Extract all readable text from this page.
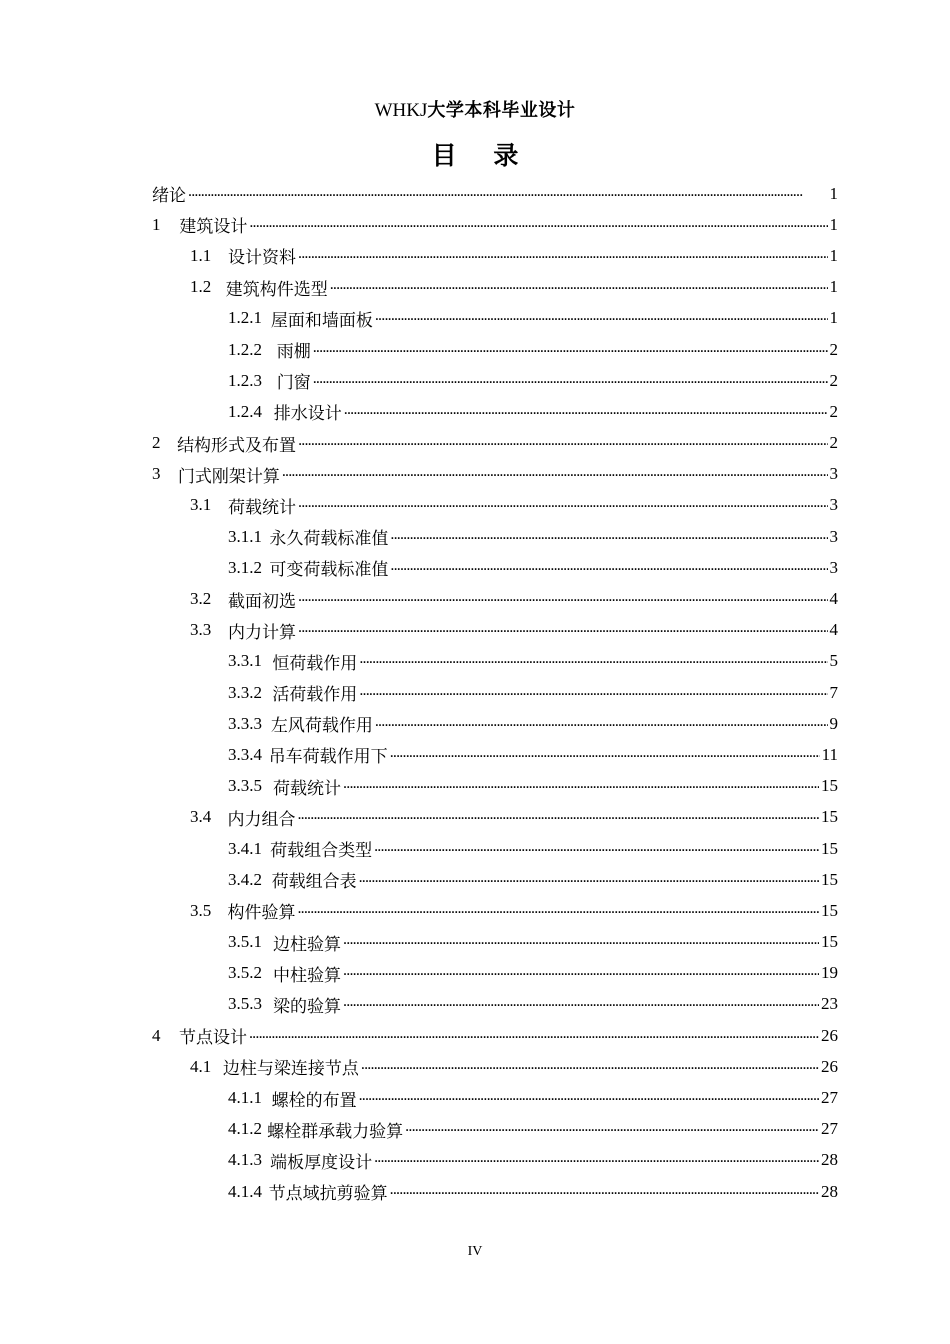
WHKJ大学本科毕业设计
目 录
绪论 . . .	1
1	建筑设计 . . .	1
1.1 设计资料 . . .	1
1.2 建筑构件选型 . . .	1
1.2.1 屋面和墙面板 . . .	1
1.2.2 雨棚 . . .	2
1.2.3 门窗 . . .	2
1.2.4 排水设计 . . .	2
2 结构形式及布置 . . .	2
3	门式刚架计算 . . .	3
3.1 荷载统计 . . .	3
3.1.1 永久荷载标准值 . . .	3
3.1.2 可变荷载标准值 . . .	3
3.2 截面初选 . . .	4
3.3 内力计算 . . .	4
3.3.1 恒荷载作用 . . .	5
3.3.2 活荷载作用 . . .	7
3.3.3 左风荷载作用 . . .	9
3.3.4 吊车荷载作用下 . . .	11
3.3.5 荷载统计 . . .	15
3.4 内力组合 . . .	15
3.4.1 荷载组合类型 . . .	15
3.4.2 荷载组合表 . . .	15
3.5 构件验算 . . .	15
3.5.1 边柱验算 . . .	15
3.5.2 中柱验算 . . .	19
3.5.3 梁的验算 . . .	23
4	节点设计 . . .	26
4.1 边柱与梁连接节点 . . .	26
4.1.1 螺栓的布置 . . .	27
4.1.2 螺栓群承载力验算 . . .	27
4.1.3 端板厚度设计 . . .	28
4.1.4 节点域抗剪验算 . . .	28
IV
